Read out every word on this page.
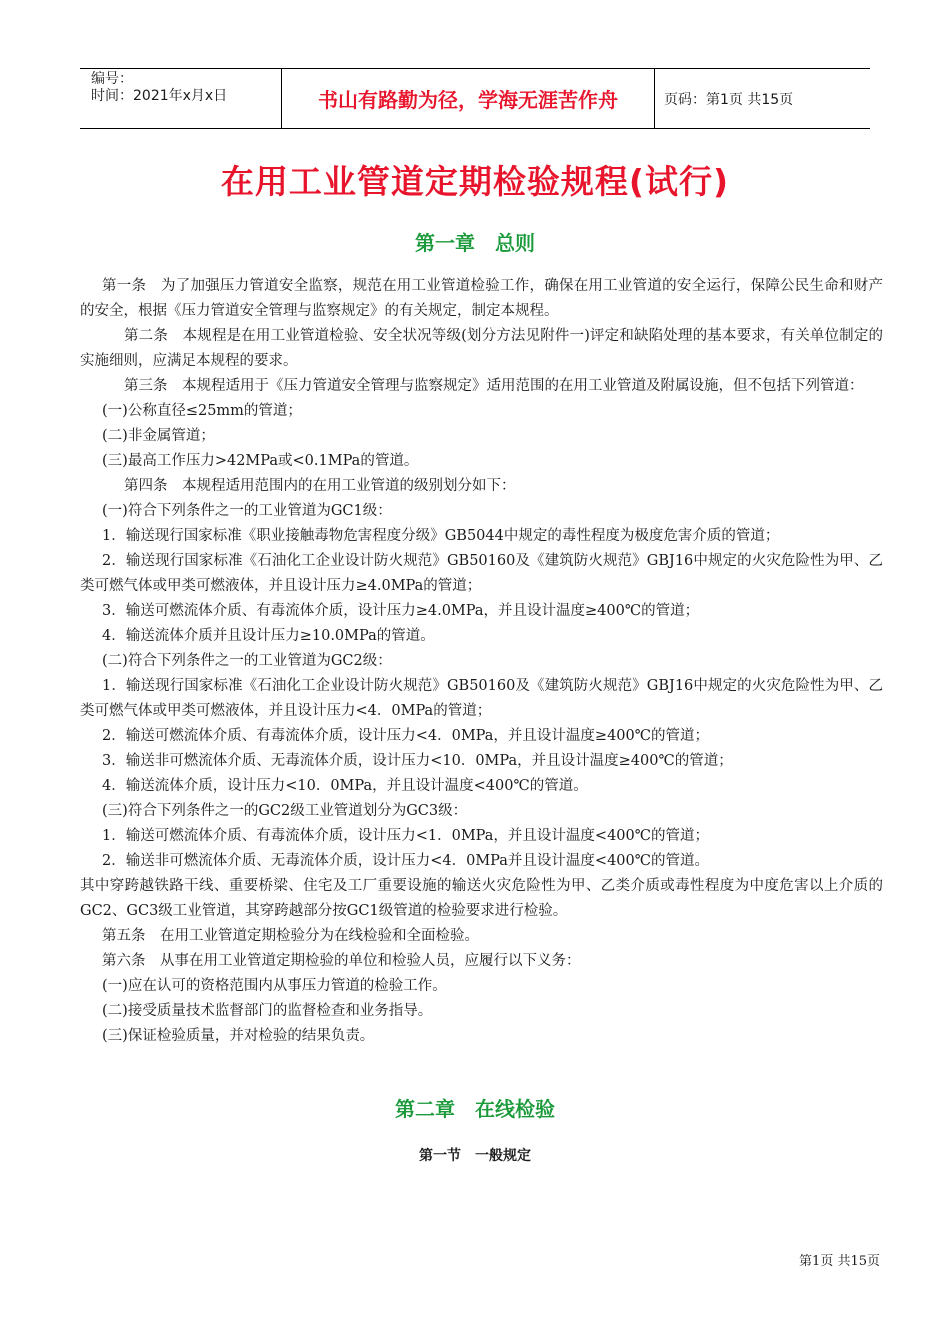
编号：
时间：2021年x月x日	书山有路勤为径，学海无涯苦作舟	页码：第1页 共15页
在用工业管道定期检验规程(试行)
第一章　总则

第一条　为了加强压力管道安全监察，规范在用工业管道检验工作，确保在用工业管道的安全运行，保障公民生命和财产的安全，根据《压力管道安全管理与监察规定》的有关规定，制定本规程。

第二条　本规程是在用工业管道检验、安全状况等级(划分方法见附件一)评定和缺陷处理的基本要求，有关单位制定的实施细则，应满足本规程的要求。

第三条　本规程适用于《压力管道安全管理与监察规定》适用范围的在用工业管道及附属设施，但不包括下列管道：

(一)公称直径≤25mm的管道；

(二)非金属管道；

(三)最高工作压力>42MPa或<0.1MPa的管道。

第四条　本规程适用范围内的在用工业管道的级别划分如下：

(一)符合下列条件之一的工业管道为GC1级：

1．输送现行国家标准《职业接触毒物危害程度分级》GB5044中规定的毒性程度为极度危害介质的管道；

2．输送现行国家标准《石油化工企业设计防火规范》GB50160及《建筑防火规范》GBJ16中规定的火灾危险性为甲、乙类可燃气体或甲类可燃液体，并且设计压力≥4.0MPa的管道；

3．输送可燃流体介质、有毒流体介质，设计压力≥4.0MPa，并且设计温度≥400℃的管道；

4．输送流体介质并且设计压力≥10.0MPa的管道。

(二)符合下列条件之一的工业管道为GC2级：

1．输送现行国家标准《石油化工企业设计防火规范》GB50160及《建筑防火规范》GBJ16中规定的火灾危险性为甲、乙类可燃气体或甲类可燃液体，并且设计压力<4．0MPa的管道；

2．输送可燃流体介质、有毒流体介质，设计压力<4．0MPa，并且设计温度≥400℃的管道；

3．输送非可燃流体介质、无毒流体介质，设计压力<10．0MPa，并且设计温度≥400℃的管道；

4．输送流体介质，设计压力<10．0MPa，并且设计温度<400℃的管道。

(三)符合下列条件之一的GC2级工业管道划分为GC3级：

1．输送可燃流体介质、有毒流体介质，设计压力<1．0MPa，并且设计温度<400℃的管道；

2．输送非可燃流体介质、无毒流体介质，设计压力<4．0MPa并且设计温度<400℃的管道。

其中穿跨越铁路干线、重要桥梁、住宅及工厂重要设施的输送火灾危险性为甲、乙类介质或毒性程度为中度危害以上介质的GC2、GC3级工业管道，其穿跨越部分按GC1级管道的检验要求进行检验。

第五条　在用工业管道定期检验分为在线检验和全面检验。

第六条　从事在用工业管道定期检验的单位和检验人员，应履行以下义务：

(一)应在认可的资格范围内从事压力管道的检验工作。

(二)接受质量技术监督部门的监督检查和业务指导。

(三)保证检验质量，并对检验的结果负责。

第二章　在线检验
第一节　一般规定
第1页 共15页
